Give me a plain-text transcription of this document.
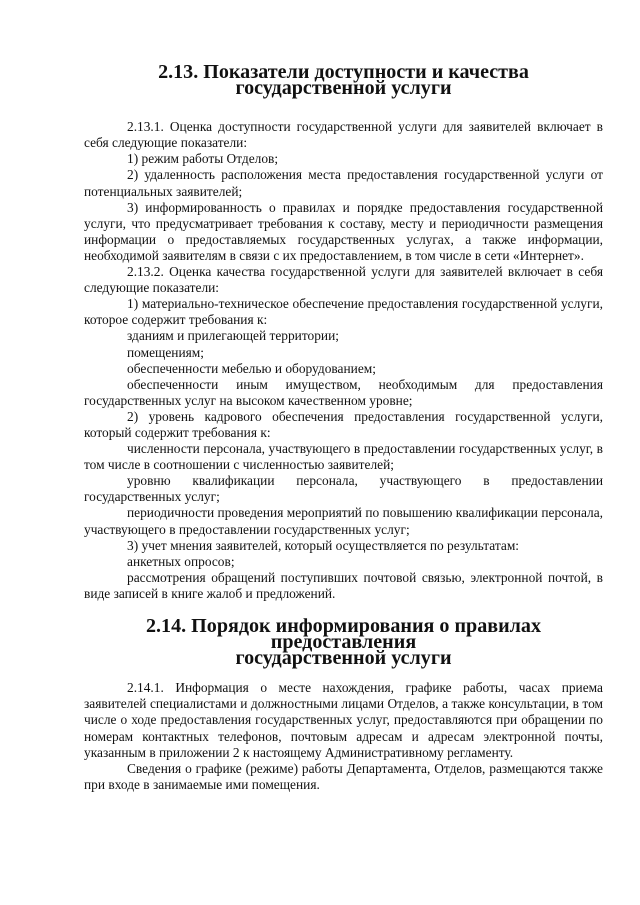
2.13. Показатели доступности и качества государственной услуги

2.13.1. Оценка доступности государственной услуги для заявителей включает в себя следующие показатели:

1) режим работы Отделов;

2) удаленность расположения места предоставления государственной услуги от потенциальных заявителей;

3) информированность о правилах и порядке предоставления государственной услуги, что предусматривает требования к составу, месту и периодичности размещения информации о предоставляемых государственных услугах, а также информации, необходимой заявителям в связи с их предоставлением, в том числе в сети «Интернет».

2.13.2. Оценка качества государственной услуги для заявителей включает в себя следующие показатели:

1) материально-техническое обеспечение предоставления государственной услуги, которое содержит требования к:

зданиям и прилегающей территории;

помещениям;

обеспеченности мебелью и оборудованием;

обеспеченности иным имуществом, необходимым для предоставления государственных услуг на высоком качественном уровне;

2) уровень кадрового обеспечения предоставления государственной услуги, который содержит требования к:

численности персонала, участвующего в предоставлении государственных услуг, в том числе в соотношении с численностью заявителей;

уровню квалификации персонала, участвующего в предоставлении государственных услуг;

периодичности проведения мероприятий по повышению квалификации персонала, участвующего в предоставлении государственных услуг;

3) учет мнения заявителей, который осуществляется по результатам:

анкетных опросов;

рассмотрения обращений поступивших почтовой связью, электронной почтой, в виде записей в книге жалоб и предложений.

2.14. Порядок информирования о правилах предоставления
государственной услуги

2.14.1. Информация о месте нахождения, графике работы, часах приема заявителей специалистами и должностными лицами Отделов, а также консультации, в том числе о ходе предоставления государственных услуг, предоставляются при обращении по номерам контактных телефонов, почтовым адресам и адресам электронной почты, указанным в приложении 2 к настоящему Административному регламенту.

Сведения о графике (режиме) работы Департамента, Отделов, размещаются также при входе в занимаемые ими помещения.
